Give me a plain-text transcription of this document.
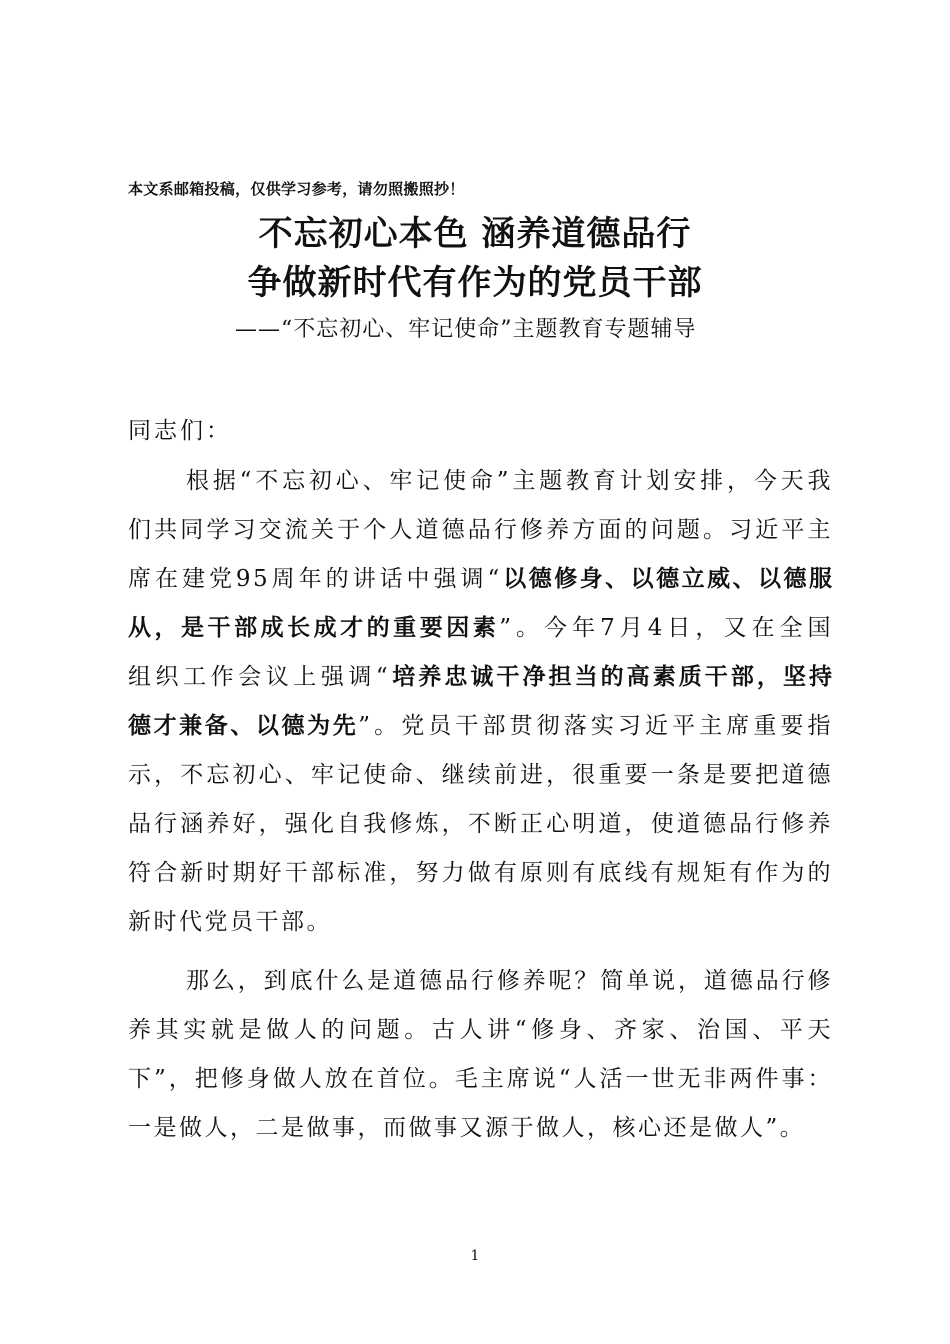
本文系邮箱投稿，仅供学习参考，请勿照搬照抄！
不忘初心本色 涵养道德品行
争做新时代有作为的党员干部
——“不忘初心、牢记使命”主题教育专题辅导
同志们：
根据“不忘初心、牢记使命”主题教育计划安排，今天我
们共同学习交流关于个人道德品行修养方面的问题。习近平主
席在建党95周年的讲话中强调“以德修身、以德立威、以德服
从，是干部成长成才的重要因素”。今年7月4日，又在全国
组织工作会议上强调“培养忠诚干净担当的高素质干部，坚持
德才兼备、以德为先”。党员干部贯彻落实习近平主席重要指
示，不忘初心、牢记使命、继续前进，很重要一条是要把道德
品行涵养好，强化自我修炼，不断正心明道，使道德品行修养
符合新时期好干部标准，努力做有原则有底线有规矩有作为的
新时代党员干部。
那么，到底什么是道德品行修养呢？简单说，道德品行修
养其实就是做人的问题。古人讲“修身、齐家、治国、平天
下”，把修身做人放在首位。毛主席说“人活一世无非两件事：
一是做人，二是做事，而做事又源于做人，核心还是做人”。
1
